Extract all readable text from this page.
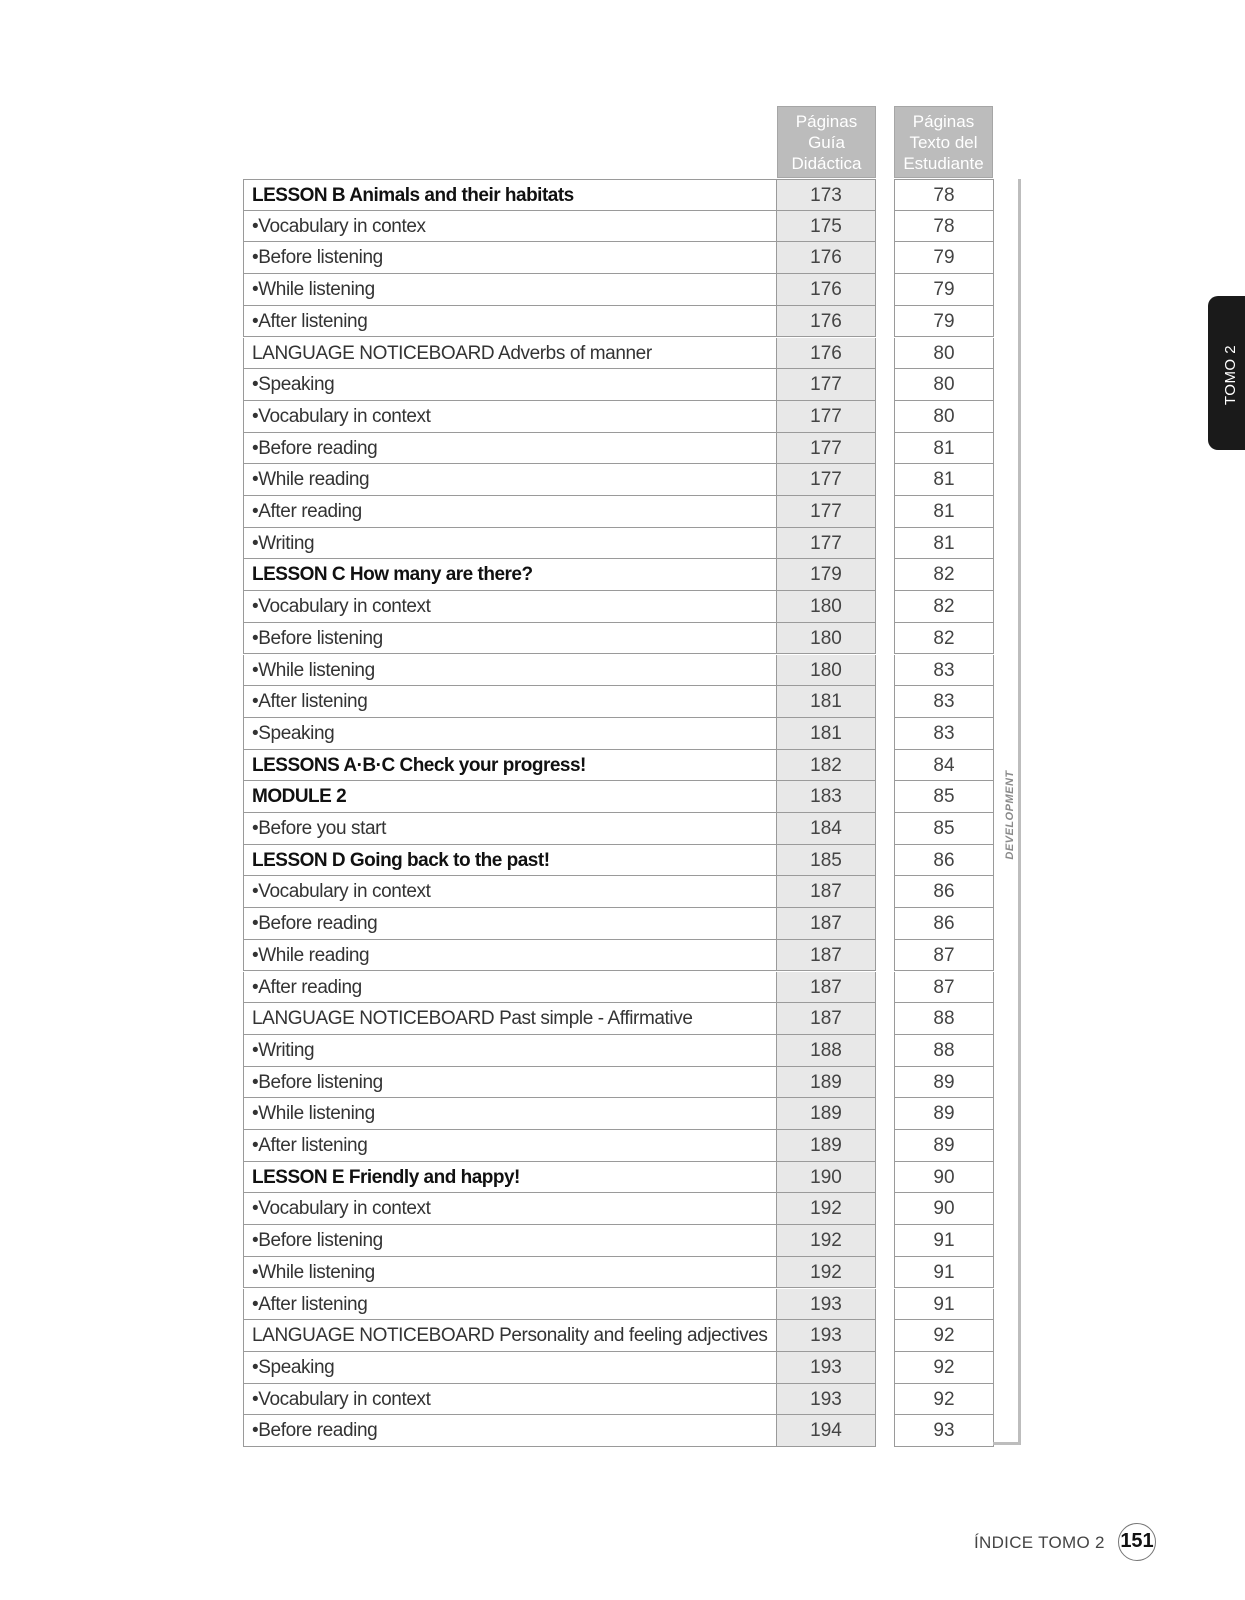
Páginas
Guía
Didáctica
Páginas
Texto del
Estudiante
LESSON B Animals and their habitats	173	78
•Vocabulary in contex	175	78
•Before listening	176	79
•While listening	176	79
•After listening	176	79
LANGUAGE NOTICEBOARD Adverbs of manner	176	80
•Speaking	177	80
•Vocabulary in context	177	80
•Before reading	177	81
•While reading	177	81
•After reading	177	81
•Writing	177	81
LESSON C How many are there?	179	82
•Vocabulary in context	180	82
•Before listening	180	82
•While listening	180	83
•After listening	181	83
•Speaking	181	83
LESSONS A·B·C Check your progress!	182	84
MODULE 2	183	85
•Before you start	184	85
LESSON D Going back to the past!	185	86
•Vocabulary in context	187	86
•Before reading	187	86
•While reading	187	87
•After reading	187	87
LANGUAGE NOTICEBOARD Past simple - Affirmative	187	88
•Writing	188	88
•Before listening	189	89
•While listening	189	89
•After listening	189	89
LESSON E Friendly and happy!	190	90
•Vocabulary in context	192	90
•Before listening	192	91
•While listening	192	91
•After listening	193	91
LANGUAGE NOTICEBOARD Personality and feeling adjectives	193	92
•Speaking	193	92
•Vocabulary in context	193	92
•Before reading	194	93
DEVELOPMENT
TOMO 2
ÍNDICE TOMO 2 151
